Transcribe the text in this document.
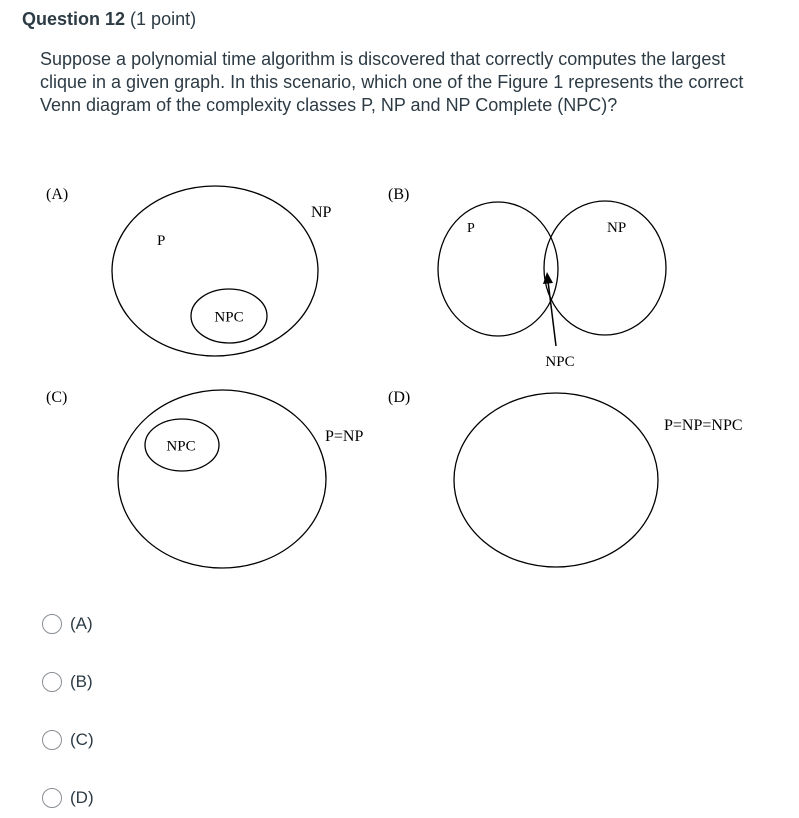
Question 12 (1 point)
Suppose a polynomial time algorithm is discovered that correctly computes the largest clique in a given graph. In this scenario, which one of the Figure 1 represents the correct Venn diagram of the complexity classes P, NP and NP Complete (NPC)?
(A)
NP
P
NPC
(B)
P	NP
NPC
(C)
P=NP
NPC
(D)
P=NP=NPC
(A)
(B)
(C)
(D)
